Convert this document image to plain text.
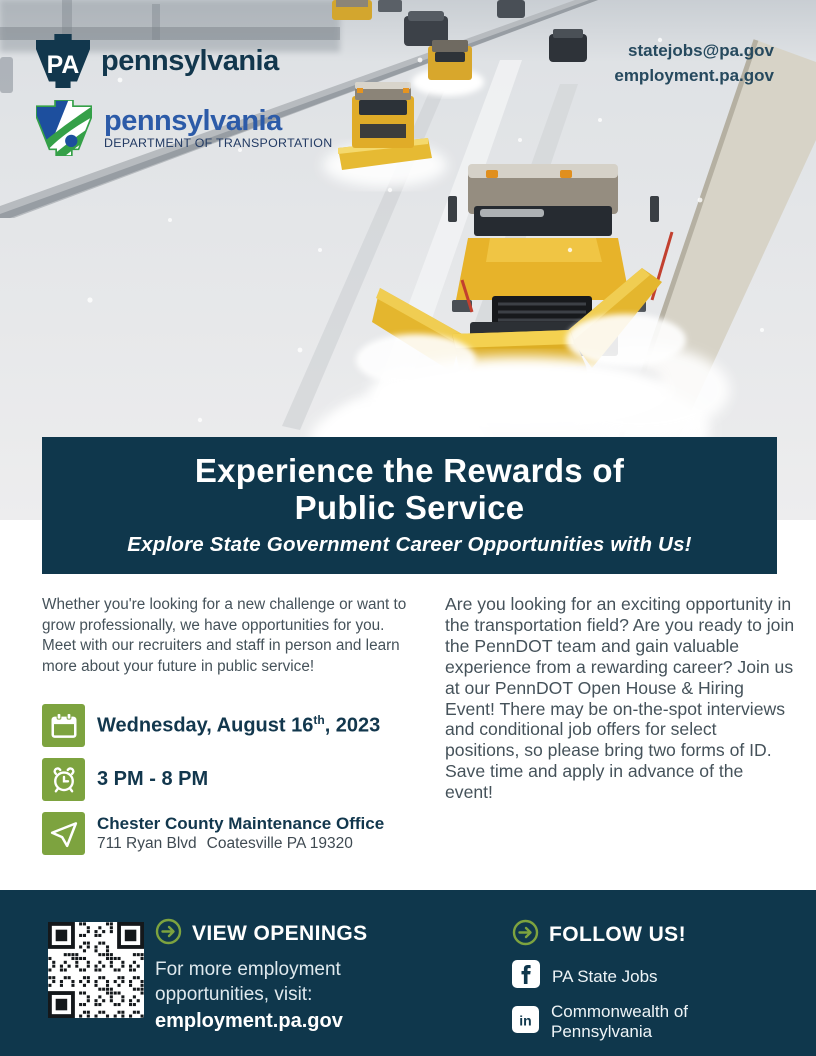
PA pennsylvania
pennsylvania
DEPARTMENT OF TRANSPORTATION
statejobs@pa.gov
employment.pa.gov
Experience the Rewards of
Public Service
Explore State Government Career Opportunities with Us!

Whether you're looking for a new challenge or want to grow professionally, we have opportunities for you. Meet with our recruiters and staff in person and learn more about your future in public service!

Wednesday, August 16th, 2023
3 PM - 8 PM
Chester County Maintenance Office
711 Ryan Blvd Coatesville PA 19320

Are you looking for an exciting opportunity in the transportation field? Are you ready to join the PennDOT team and gain valuable experience from a rewarding career? Join us at our PennDOT Open House & Hiring Event! There may be on-the-spot interviews and conditional job offers for select positions, so please bring two forms of ID. Save time and apply in advance of the event!

VIEW OPENINGS
For more employment
opportunities, visit:
employment.pa.gov
FOLLOW US!
PA State Jobs
in Commonwealth of
Pennsylvania
